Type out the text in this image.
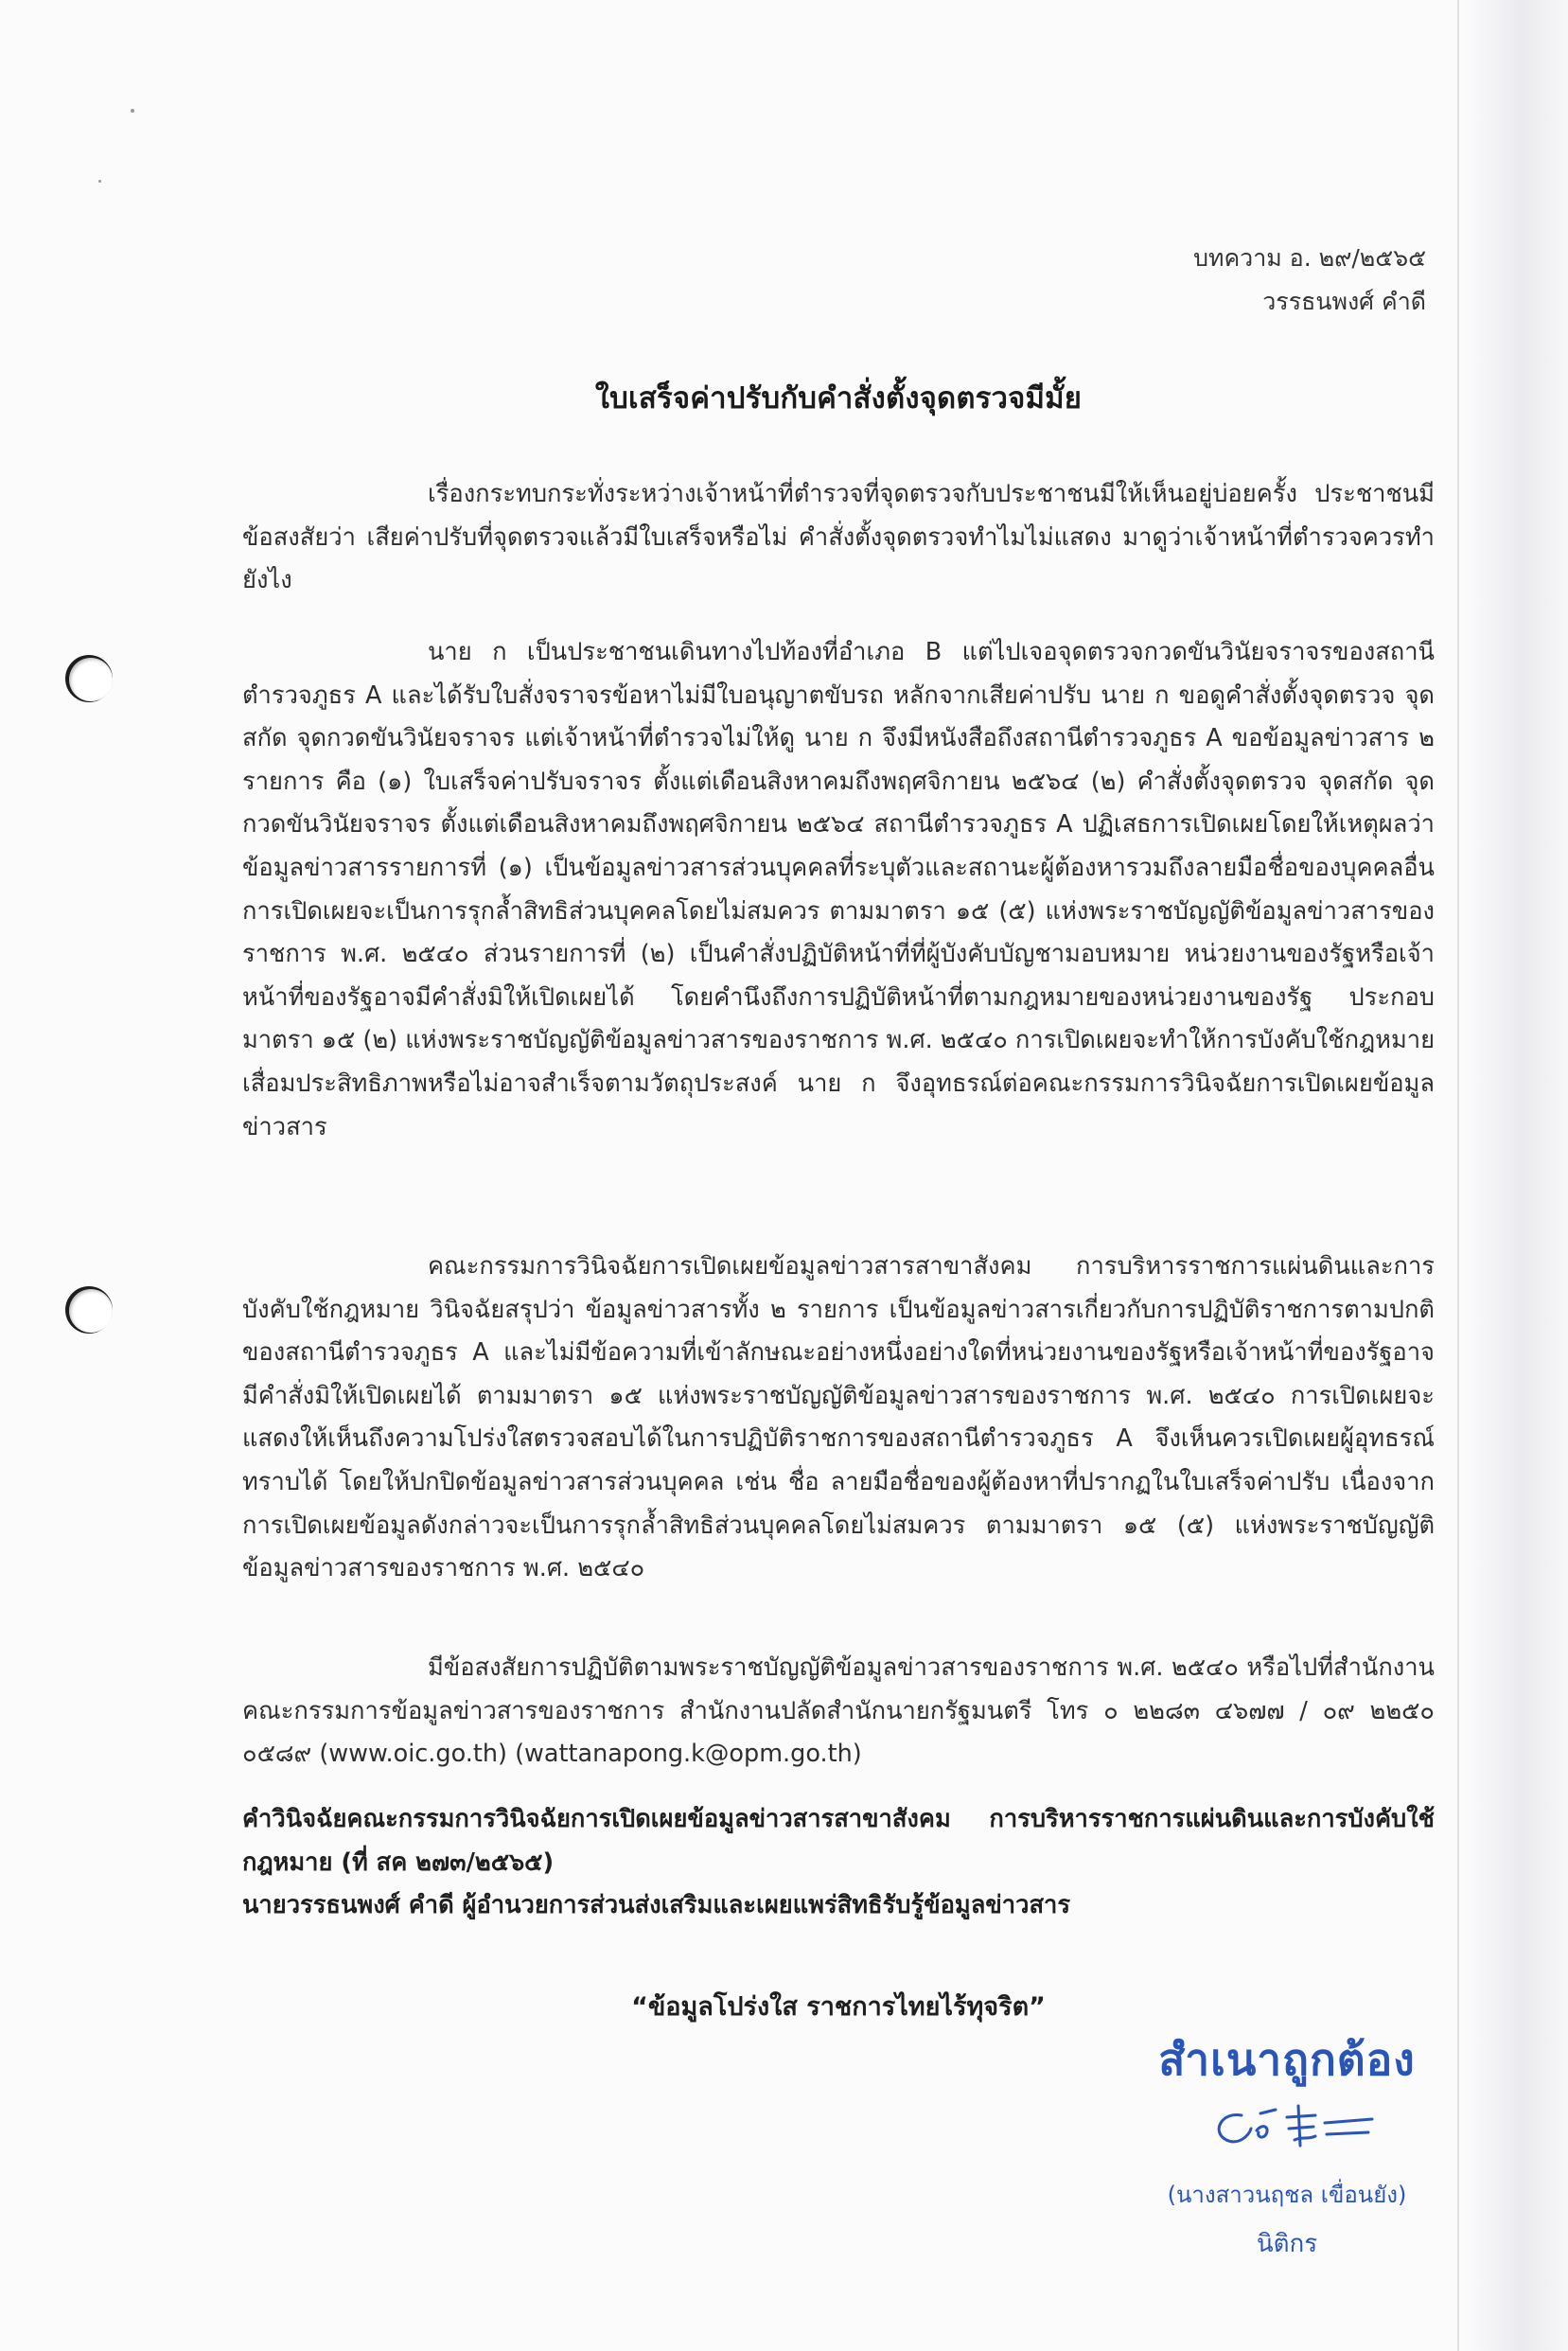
บทความ อ. ๒๙/๒๕๖๕
วรรธนพงศ์ คำดี
ใบเสร็จค่าปรับกับคำสั่งตั้งจุดตรวจมีมั้ย

เรื่องกระทบกระทั่งระหว่างเจ้าหน้าที่ตำรวจที่จุดตรวจกับประชาชนมีให้เห็นอยู่บ่อยครั้ง ประชาชนมีข้อสงสัยว่า เสียค่าปรับที่จุดตรวจแล้วมีใบเสร็จหรือไม่ คำสั่งตั้งจุดตรวจทำไมไม่แสดง มาดูว่าเจ้าหน้าที่ตำรวจควรทำยังไง

นาย ก เป็นประชาชนเดินทางไปท้องที่อำเภอ B แต่ไปเจอจุดตรวจกวดขันวินัยจราจรของสถานีตำรวจภูธร A และได้รับใบสั่งจราจรข้อหาไม่มีใบอนุญาตขับรถ หลักจากเสียค่าปรับ นาย ก ขอดูคำสั่งตั้งจุดตรวจ จุดสกัด จุดกวดขันวินัยจราจร แต่เจ้าหน้าที่ตำรวจไม่ให้ดู นาย ก จึงมีหนังสือถึงสถานีตำรวจภูธร A ขอข้อมูลข่าวสาร ๒ รายการ คือ (๑) ใบเสร็จค่าปรับจราจร ตั้งแต่เดือนสิงหาคมถึงพฤศจิกายน ๒๕๖๔ (๒) คำสั่งตั้งจุดตรวจ จุดสกัด จุดกวดขันวินัยจราจร ตั้งแต่เดือนสิงหาคมถึงพฤศจิกายน ๒๕๖๔ สถานีตำรวจภูธร A ปฏิเสธการเปิดเผยโดยให้เหตุผลว่า ข้อมูลข่าวสารรายการที่ (๑) เป็นข้อมูลข่าวสารส่วนบุคคลที่ระบุตัวและสถานะผู้ต้องหารวมถึงลายมือชื่อของบุคคลอื่น การเปิดเผยจะเป็นการรุกล้ำสิทธิส่วนบุคคลโดยไม่สมควร ตามมาตรา ๑๕ (๕) แห่งพระราชบัญญัติข้อมูลข่าวสารของราชการ พ.ศ. ๒๕๔๐ ส่วนรายการที่ (๒) เป็นคำสั่งปฏิบัติหน้าที่ที่ผู้บังคับบัญชามอบหมาย หน่วยงานของรัฐหรือเจ้าหน้าที่ของรัฐอาจมีคำสั่งมิให้เปิดเผยได้ โดยคำนึงถึงการปฏิบัติหน้าที่ตามกฎหมายของหน่วยงานของรัฐ ประกอบมาตรา ๑๕ (๒) แห่งพระราชบัญญัติข้อมูลข่าวสารของราชการ พ.ศ. ๒๕๔๐ การเปิดเผยจะทำให้การบังคับใช้กฎหมายเสื่อมประสิทธิภาพหรือไม่อาจสำเร็จตามวัตถุประสงค์ นาย ก จึงอุทธรณ์ต่อคณะกรรมการวินิจฉัยการเปิดเผยข้อมูลข่าวสาร

คณะกรรมการวินิจฉัยการเปิดเผยข้อมูลข่าวสารสาขาสังคม การบริหารราชการแผ่นดินและการบังคับใช้กฎหมาย วินิจฉัยสรุปว่า ข้อมูลข่าวสารทั้ง ๒ รายการ เป็นข้อมูลข่าวสารเกี่ยวกับการปฏิบัติราชการตามปกติของสถานีตำรวจภูธร A และไม่มีข้อความที่เข้าลักษณะอย่างหนึ่งอย่างใดที่หน่วยงานของรัฐหรือเจ้าหน้าที่ของรัฐอาจมีคำสั่งมิให้เปิดเผยได้ ตามมาตรา ๑๕ แห่งพระราชบัญญัติข้อมูลข่าวสารของราชการ พ.ศ. ๒๕๔๐ การเปิดเผยจะแสดงให้เห็นถึงความโปร่งใสตรวจสอบได้ในการปฏิบัติราชการของสถานีตำรวจภูธร A จึงเห็นควรเปิดเผยผู้อุทธรณ์ทราบได้ โดยให้ปกปิดข้อมูลข่าวสารส่วนบุคคล เช่น ชื่อ ลายมือชื่อของผู้ต้องหาที่ปรากฏในใบเสร็จค่าปรับ เนื่องจากการเปิดเผยข้อมูลดังกล่าวจะเป็นการรุกล้ำสิทธิส่วนบุคคลโดยไม่สมควร ตามมาตรา ๑๕ (๕) แห่งพระราชบัญญัติข้อมูลข่าวสารของราชการ พ.ศ. ๒๕๔๐

มีข้อสงสัยการปฏิบัติตามพระราชบัญญัติข้อมูลข่าวสารของราชการ พ.ศ. ๒๕๔๐ หรือไปที่สำนักงานคณะกรรมการข้อมูลข่าวสารของราชการ สำนักงานปลัดสำนักนายกรัฐมนตรี โทร ๐ ๒๒๘๓ ๔๖๗๗ / ๐๙ ๒๒๕๐ ๐๕๘๙ (www.oic.go.th) (wattanapong.k@opm.go.th)

คำวินิจฉัยคณะกรรมการวินิจฉัยการเปิดเผยข้อมูลข่าวสารสาขาสังคม การบริหารราชการแผ่นดินและการบังคับใช้กฎหมาย (ที่ สค ๒๗๓/๒๕๖๕)
นายวรรธนพงศ์ คำดี ผู้อำนวยการส่วนส่งเสริมและเผยแพร่สิทธิรับรู้ข้อมูลข่าวสาร
“ข้อมูลโปร่งใส ราชการไทยไร้ทุจริต”
สำเนาถูกต้อง
(นางสาวนฤชล เขื่อนยัง)
นิติกร
